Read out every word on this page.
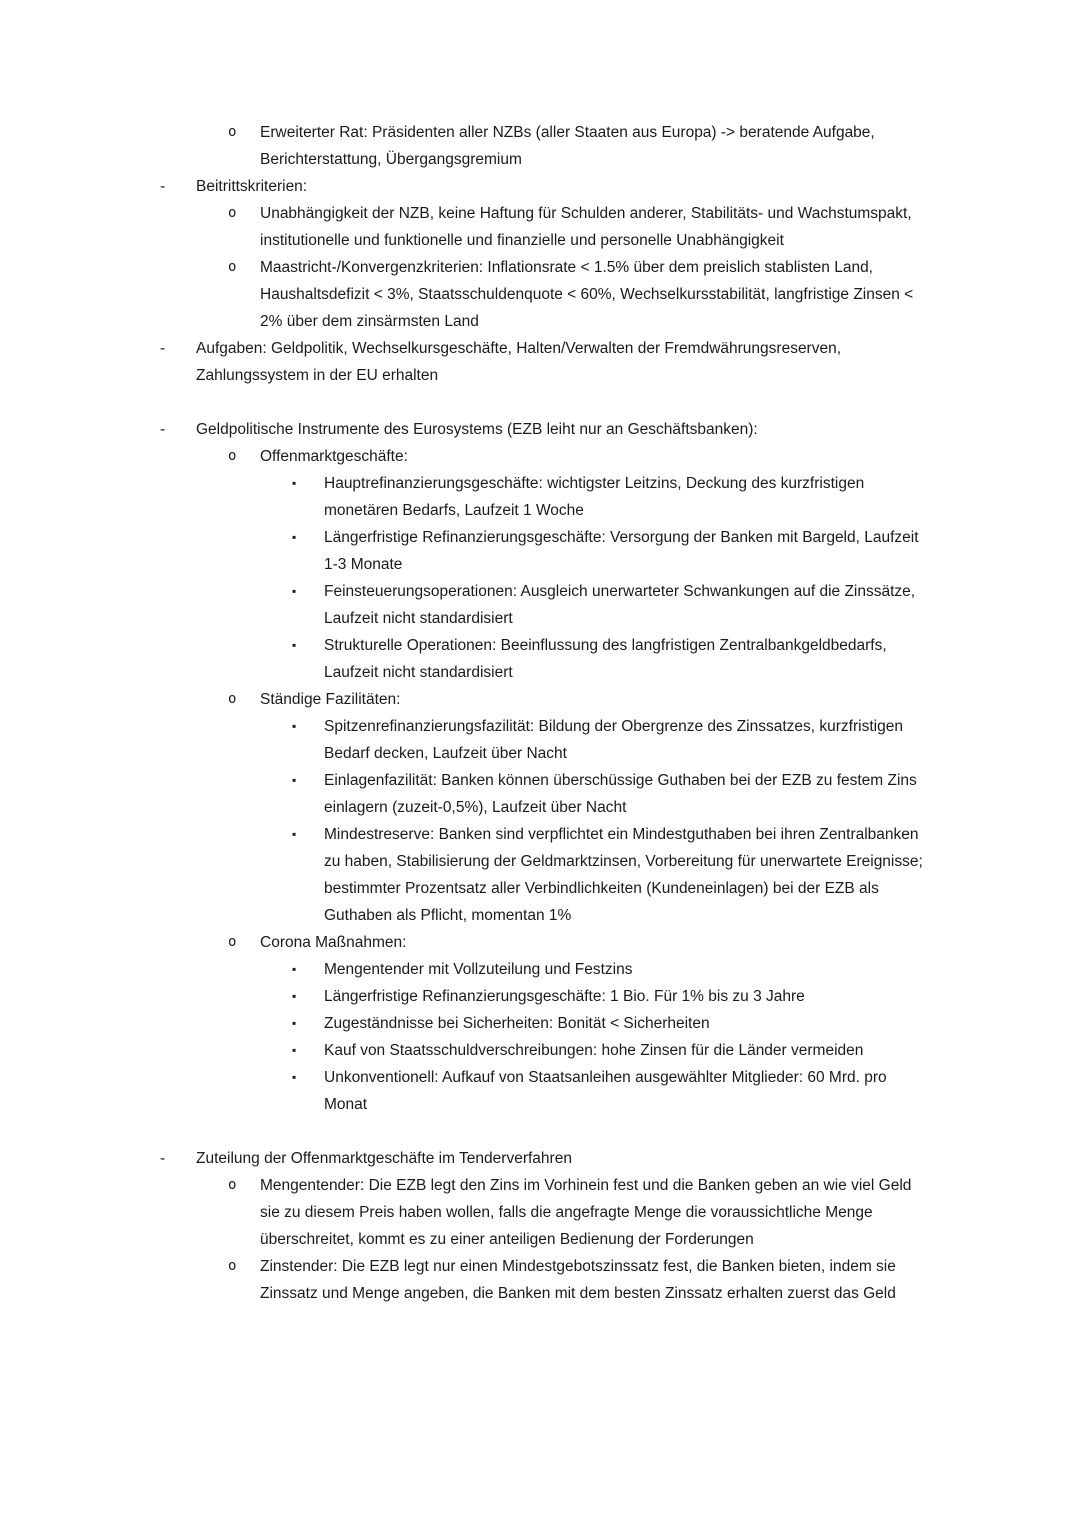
o	Erweiterter Rat: Präsidenten aller NZBs (aller Staaten aus Europa) -> beratende Aufgabe, Berichterstattung, Übergangsgremium
-	Beitrittskriterien:
o	Unabhängigkeit der NZB, keine Haftung für Schulden anderer, Stabilitäts- und Wachstumspakt, institutionelle und funktionelle und finanzielle und personelle Unabhängigkeit
o	Maastricht-/Konvergenzkriterien: Inflationsrate < 1.5% über dem preislich stablisten Land, Haushaltsdefizit < 3%, Staatsschuldenquote < 60%, Wechselkursstabilität, langfristige Zinsen < 2% über dem zinsärmsten Land
-	Aufgaben: Geldpolitik, Wechselkursgeschäfte, Halten/Verwalten der Fremdwährungsreserven, Zahlungssystem in der EU erhalten
-	Geldpolitische Instrumente des Eurosystems (EZB leiht nur an Geschäftsbanken):
o	Offenmarktgeschäfte:
▪	Hauptrefinanzierungsgeschäfte: wichtigster Leitzins, Deckung des kurzfristigen monetären Bedarfs, Laufzeit 1 Woche
▪	Längerfristige Refinanzierungsgeschäfte: Versorgung der Banken mit Bargeld, Laufzeit 1-3 Monate
▪	Feinsteuerungsoperationen: Ausgleich unerwarteter Schwankungen auf die Zinssätze, Laufzeit nicht standardisiert
▪	Strukturelle Operationen: Beeinflussung des langfristigen Zentralbankgeldbedarfs, Laufzeit nicht standardisiert
o	Ständige Fazilitäten:
▪	Spitzenrefinanzierungsfazilität: Bildung der Obergrenze des Zinssatzes, kurzfristigen Bedarf decken, Laufzeit über Nacht
▪	Einlagenfazilität: Banken können überschüssige Guthaben bei der EZB zu festem Zins einlagern (zuzeit-0,5%), Laufzeit über Nacht
▪	Mindestreserve: Banken sind verpflichtet ein Mindestguthaben bei ihren Zentralbanken zu haben, Stabilisierung der Geldmarktzinsen, Vorbereitung für unerwartete Ereignisse; bestimmter Prozentsatz aller Verbindlichkeiten (Kundeneinlagen) bei der EZB als Guthaben als Pflicht, momentan 1%
o	Corona Maßnahmen:
▪	Mengentender mit Vollzuteilung und Festzins
▪	Längerfristige Refinanzierungsgeschäfte: 1 Bio. Für 1% bis zu 3 Jahre
▪	Zugeständnisse bei Sicherheiten: Bonität < Sicherheiten
▪	Kauf von Staatsschuldverschreibungen: hohe Zinsen für die Länder vermeiden
▪	Unkonventionell: Aufkauf von Staatsanleihen ausgewählter Mitglieder: 60 Mrd. pro Monat
-	Zuteilung der Offenmarktgeschäfte im Tenderverfahren
o	Mengentender: Die EZB legt den Zins im Vorhinein fest und die Banken geben an wie viel Geld sie zu diesem Preis haben wollen, falls die angefragte Menge die voraussichtliche Menge überschreitet, kommt es zu einer anteiligen Bedienung der Forderungen
o	Zinstender: Die EZB legt nur einen Mindestgebotszinssatz fest, die Banken bieten, indem sie Zinssatz und Menge angeben, die Banken mit dem besten Zinssatz erhalten zuerst das Geld
